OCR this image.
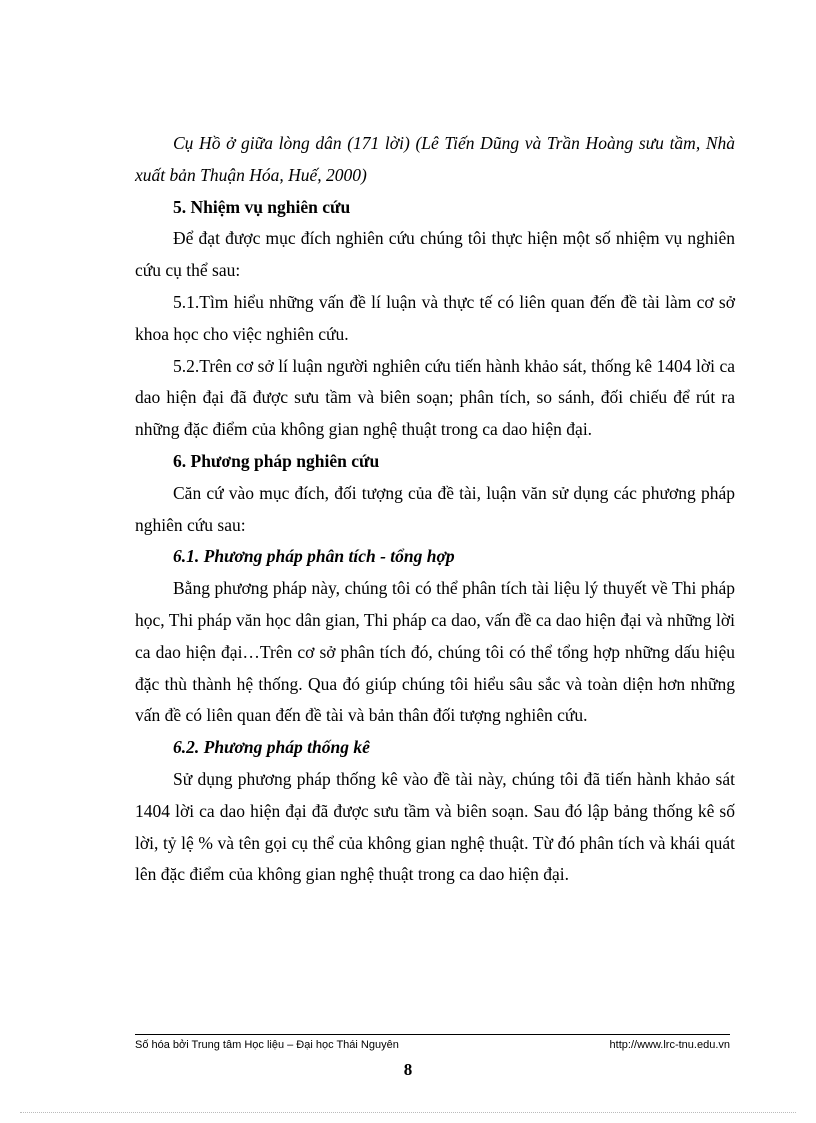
Cụ Hồ ở giữa lòng dân (171 lời) (Lê Tiến Dũng và Trần Hoàng sưu tầm, Nhà xuất bản Thuận Hóa, Huế, 2000)

5. Nhiệm vụ nghiên cứu

Để đạt được mục đích nghiên cứu chúng tôi thực hiện một số nhiệm vụ nghiên cứu cụ thể sau:

5.1.Tìm hiểu những vấn đề lí luận và thực tế có liên quan đến đề tài làm cơ sở khoa học cho việc nghiên cứu.

5.2.Trên cơ sở lí luận người nghiên cứu tiến hành khảo sát, thống kê 1404 lời ca dao hiện đại đã được sưu tầm và biên soạn; phân tích, so sánh, đối chiếu để rút ra những đặc điểm của không gian nghệ thuật trong ca dao hiện đại.

6. Phương pháp nghiên cứu

Căn cứ vào mục đích, đối tượng của đề tài, luận văn sử dụng các phương pháp nghiên cứu sau:

6.1. Phương pháp phân tích - tổng hợp

Bằng phương pháp này, chúng tôi có thể phân tích tài liệu lý thuyết về Thi pháp học, Thi pháp văn học dân gian, Thi pháp ca dao, vấn đề ca dao hiện đại và những lời ca dao hiện đại…Trên cơ sở phân tích đó, chúng tôi có thể tổng hợp những dấu hiệu đặc thù thành hệ thống. Qua đó giúp chúng tôi hiểu sâu sắc và toàn diện hơn những vấn đề có liên quan đến đề tài và bản thân đối tượng nghiên cứu.

6.2. Phương pháp thống kê

Sử dụng phương pháp thống kê vào đề tài này, chúng tôi đã tiến hành khảo sát 1404 lời ca dao hiện đại đã được sưu tầm và biên soạn. Sau đó lập bảng thống kê số lời, tỷ lệ % và tên gọi cụ thể của không gian nghệ thuật. Từ đó phân tích và khái quát lên đặc điểm của không gian nghệ thuật trong ca dao hiện đại.

Số hóa bởi Trung tâm Học liệu – Đại học Thái Nguyên	http://www.lrc-tnu.edu.vn
8
